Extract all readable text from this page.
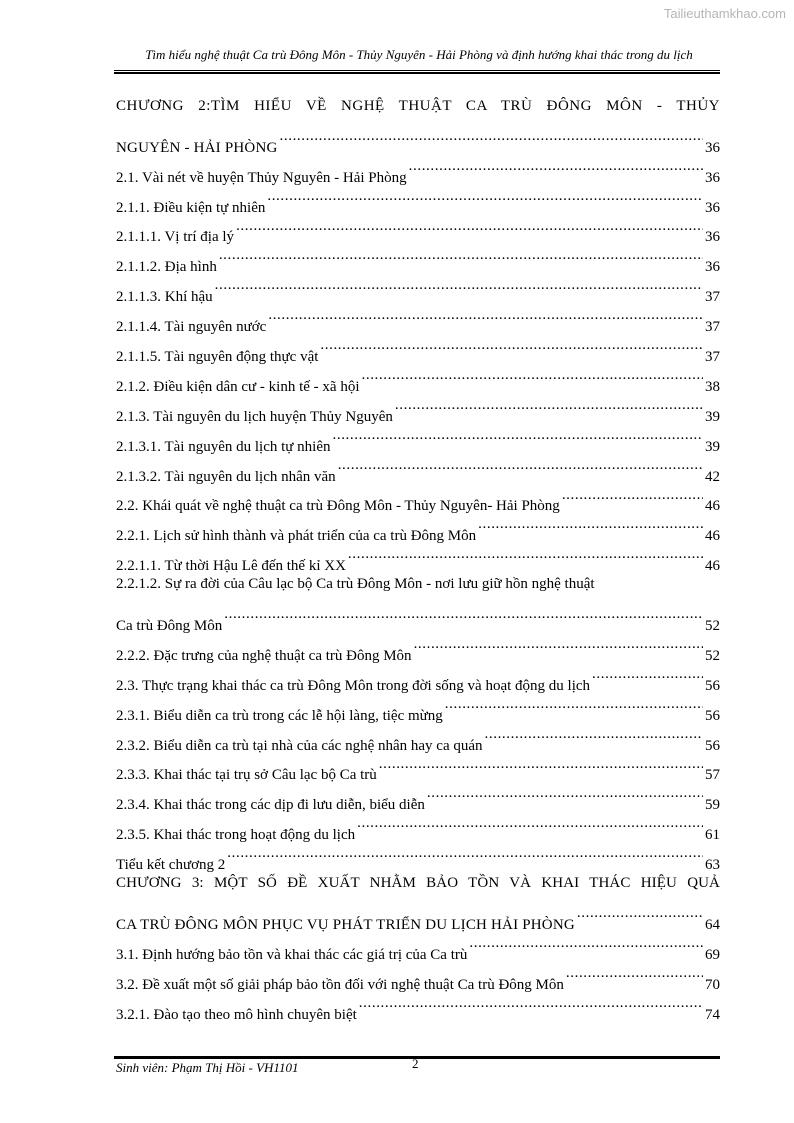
Tailieuthamkhao.com
Tìm hiểu nghệ thuật Ca trù Đông Môn - Thủy Nguyên - Hải Phòng và định hướng khai thác trong du lịch
CHƯƠNG 2:TÌM HIỂU VỀ NGHỆ THUẬT CA TRÙ ĐÔNG MÔN - THỦY
NGUYÊN - HẢI PHÒNG .....	36
2.1. Vài nét về huyện Thủy Nguyên - Hải Phòng .....	36
2.1.1. Điều kiện tự nhiên .....	36
2.1.1.1. Vị trí địa lý .....	36
2.1.1.2. Địa hình .....	36
2.1.1.3. Khí hậu .....	37
2.1.1.4. Tài nguyên nước .....	37
2.1.1.5. Tài nguyên động thực vật .....	37
2.1.2. Điều kiện dân cư - kinh tế - xã hội .....	38
2.1.3. Tài nguyên du lịch huyện Thủy Nguyên .....	39
2.1.3.1. Tài nguyên du lịch tự nhiên .....	39
2.1.3.2. Tài nguyên du lịch nhân văn .....	42
2.2. Khái quát về nghệ thuật ca trù Đông Môn - Thủy Nguyên- Hải Phòng .....	46
2.2.1. Lịch sử hình thành và phát triển của ca trù Đông Môn .....	46
2.2.1.1. Từ thời Hậu Lê đến thế kỉ XX .....	46
2.2.1.2. Sự ra đời của Câu lạc bộ Ca trù Đông Môn - nơi lưu giữ hồn nghệ thuật
Ca trù Đông Môn .....	52
2.2.2. Đặc trưng của nghệ thuật ca trù Đông Môn .....	52
2.3. Thực trạng khai thác ca trù Đông Môn trong đời sống và hoạt động du lịch .....	56
2.3.1. Biểu diễn ca trù trong các lễ hội làng, tiệc mừng .....	56
2.3.2. Biểu diễn ca trù tại nhà của các nghệ nhân hay ca quán .....	56
2.3.3. Khai thác tại trụ sở Câu lạc bộ Ca trù .....	57
2.3.4. Khai thác trong các dịp đi lưu diễn, biểu diễn .....	59
2.3.5. Khai thác trong hoạt động du lịch .....	61
Tiểu kết chương 2 .....	63
CHƯƠNG 3: MỘT SỐ ĐỀ XUẤT NHẰM BẢO TỒN VÀ KHAI THÁC HIỆU QUẢ
CA TRÙ ĐÔNG MÔN PHỤC VỤ PHÁT TRIỂN DU LỊCH HẢI PHÒNG .....	64
3.1. Định hướng bảo tồn và khai thác các giá trị của Ca trù .....	69
3.2. Đề xuất một số giải pháp bảo tồn đối với nghệ thuật Ca trù Đông Môn .....	70
3.2.1. Đào tạo theo mô hình chuyên biệt .....	74
Sinh viên: Phạm Thị Hồi - VH1101	2
